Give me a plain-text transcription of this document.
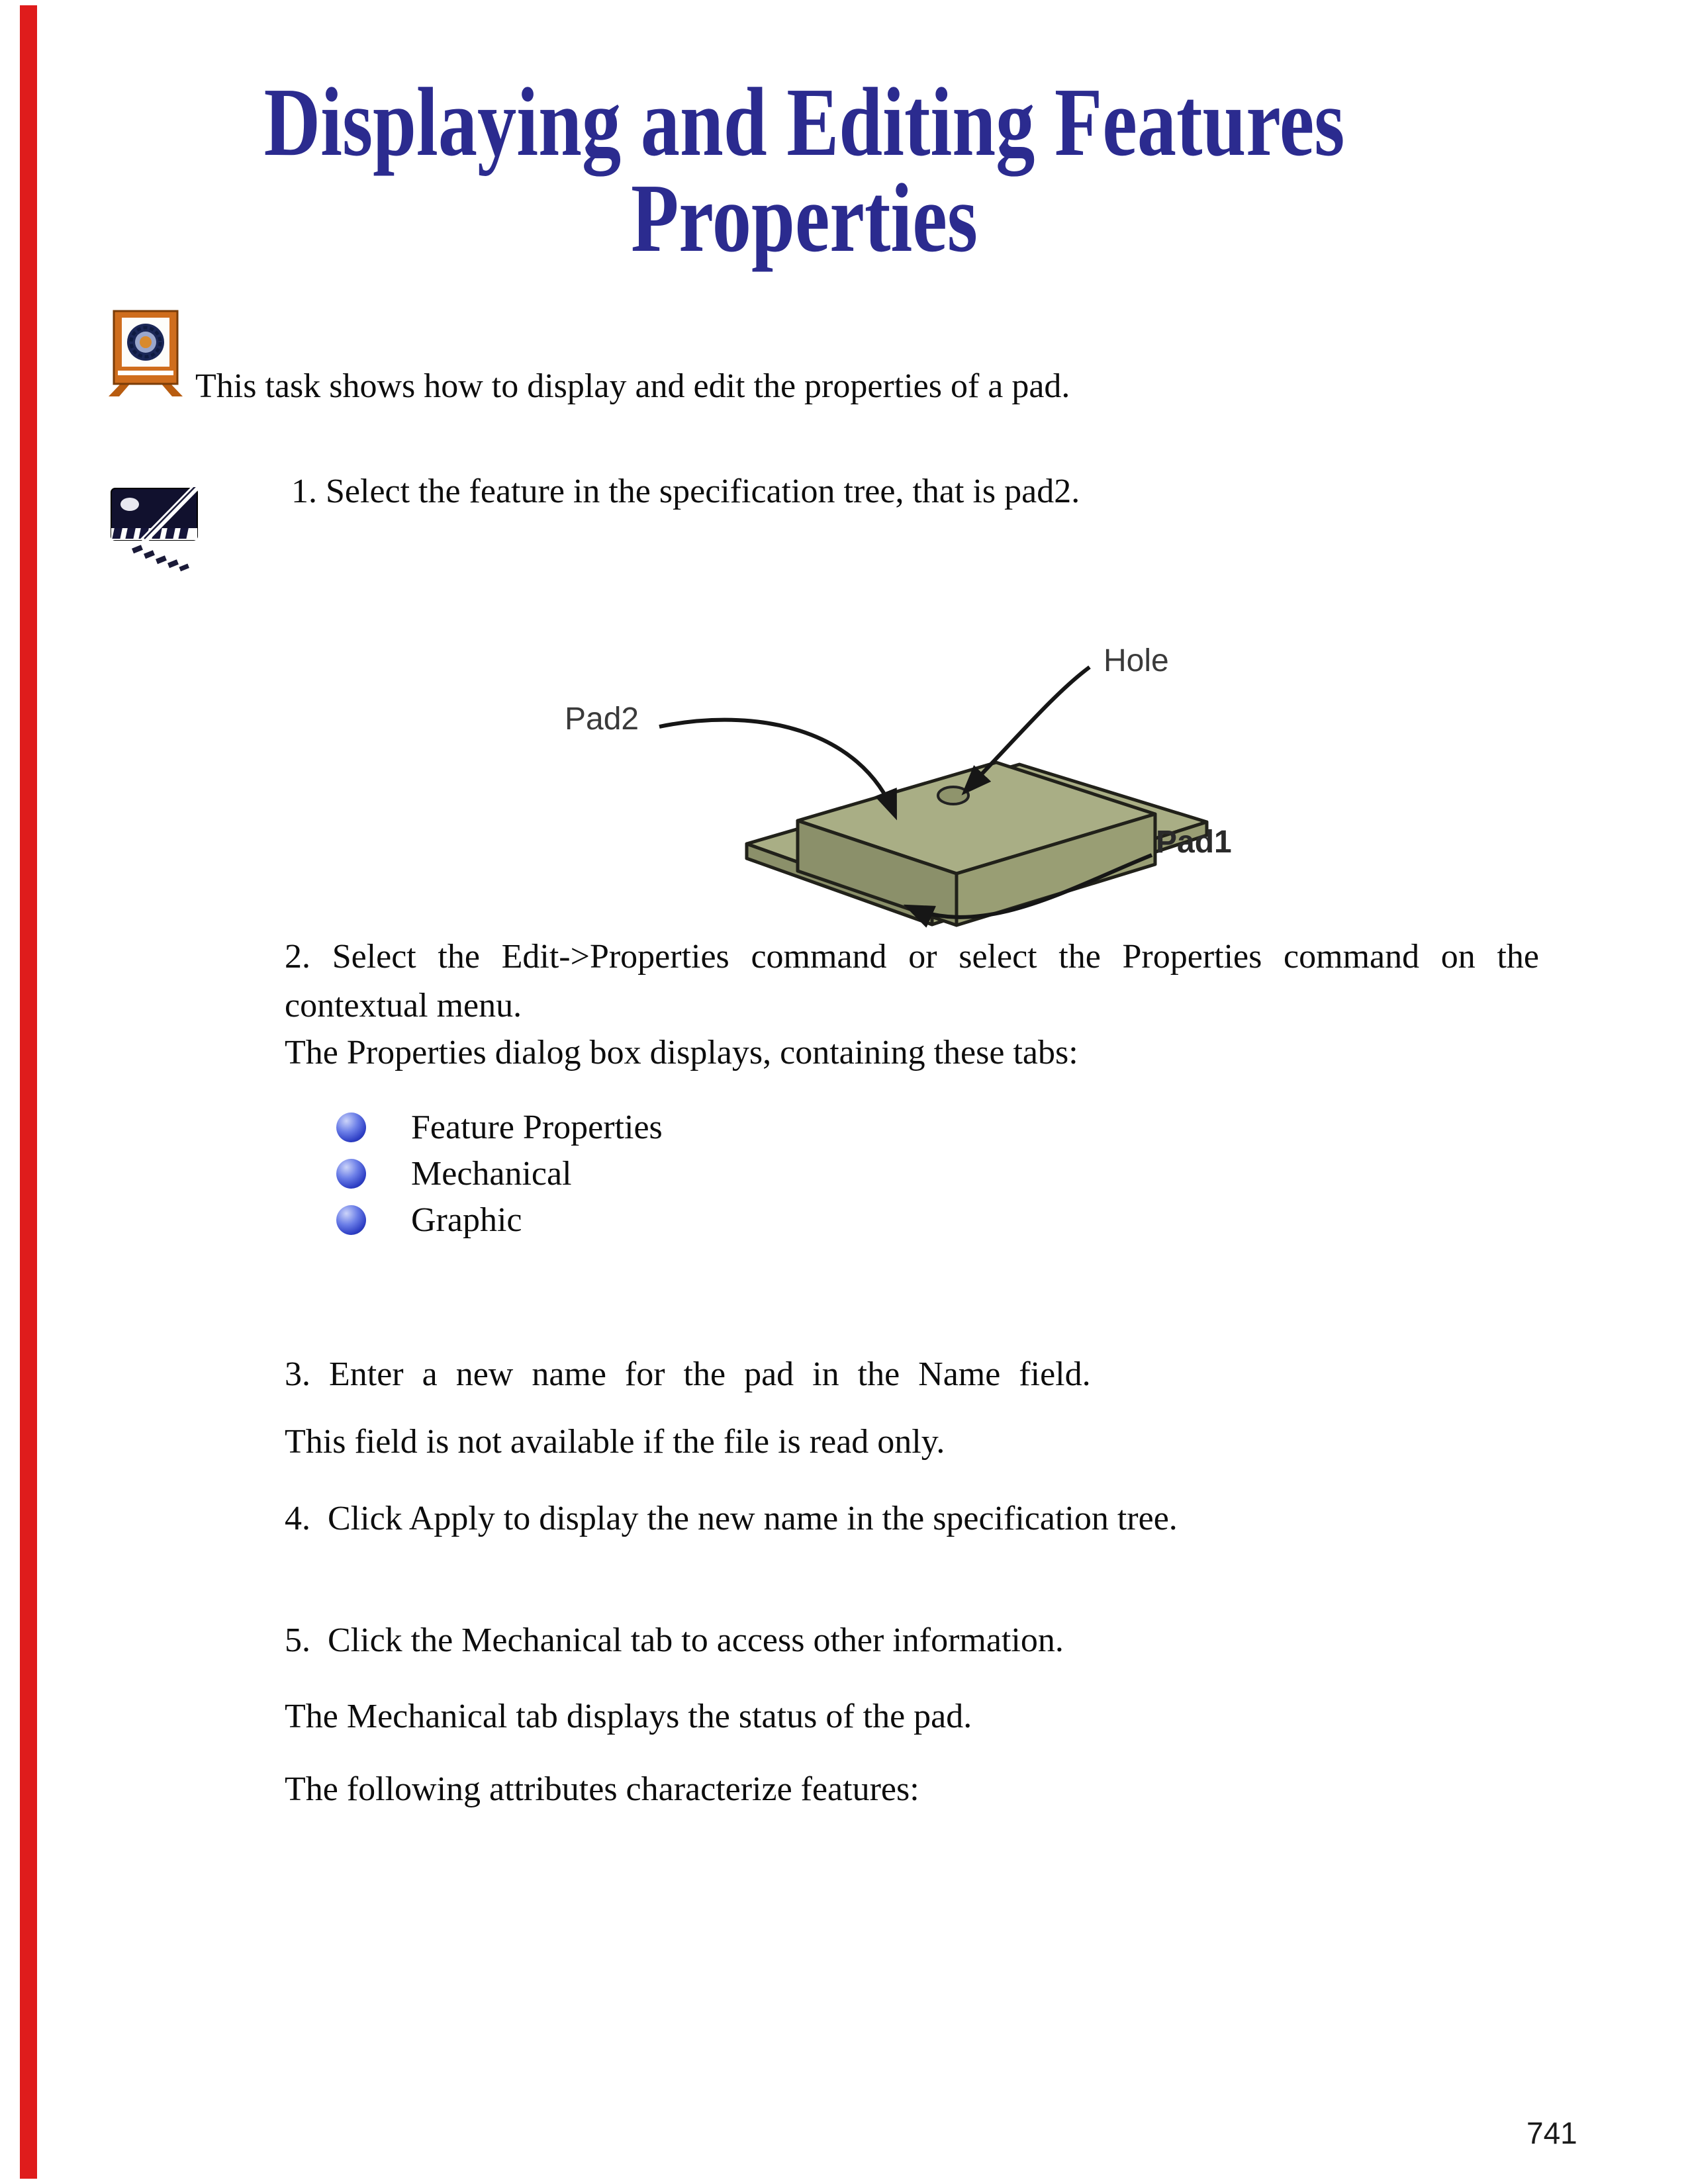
Displaying and Editing Features
Properties
This task shows how to display and edit the properties of a pad.
1. Select the feature in the specification tree, that is pad2.
Pad2
Hole
Pad1
2. Select the Edit->Properties command or select the Properties command on the contextual menu.
The Properties dialog box displays, containing these tabs:
Feature Properties
Mechanical
Graphic
3. Enter a new name for the pad in the Name field.
This field is not available if the file is read only.
4.  Click Apply to display the new name in the specification tree.
5.  Click the Mechanical tab to access other information.
The Mechanical tab displays the status of the pad.
The following attributes characterize features:
741
